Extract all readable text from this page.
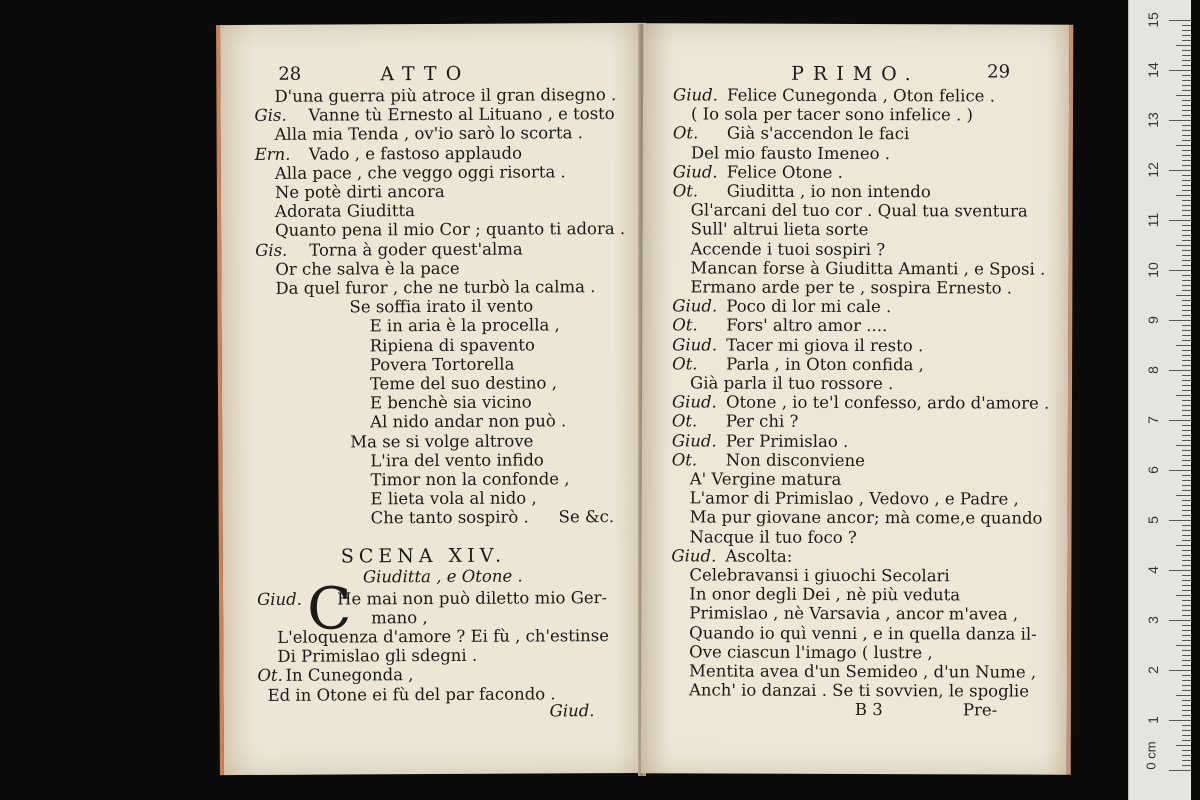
28	ATTO
D'una guerra più atroce il gran disegno .
Gis. Vanne tù Ernesto al Lituano , e tosto
Alla mia Tenda , ov'io sarò lo scorta .
Ern. Vado , e fastoso applaudo
Alla pace , che veggo oggi risorta .
Ne potè dirti ancora
Adorata Giuditta
Quanto pena il mio Cor ; quanto ti adora .
Gis. Torna à goder quest'alma
Or che salva è la pace
Da quel furor , che ne turbò la calma .
Se soffia irato il vento
E in aria è la procella ,
Ripiena di spavento
Povera Tortorella
Teme del suo destino ,
E benchè sia vicino
Al nido andar non può .
Ma se si volge altrove
L'ira del vento infido
Timor non la confonde ,
E lieta vola al nido ,
Che tanto sospirò . Se &c.
SCENA XIV.
Giuditta , e Otone .
C
Giud. He mai non può diletto mio Ger-
mano ,
L'eloquenza d'amore ? Ei fù , ch'estinse
Di Primislao gli sdegni .
Ot. In Cunegonda ,
Ed in Otone ei fù del par facondo .
Giud.
PRIMO.	29
Giud. Felice Cunegonda , Oton felice .
( Io sola per tacer sono infelice . )
Ot. Già s'accendon le faci
Del mio fausto Imeneo .
Giud. Felice Otone .
Ot. Giuditta , io non intendo
Gl'arcani del tuo cor . Qual tua sventura
Sull' altrui lieta sorte
Accende i tuoi sospiri ?
Mancan forse à Giuditta Amanti , e Sposi .
Ermano arde per te , sospira Ernesto .
Giud. Poco di lor mi cale .
Ot. Fors' altro amor ....
Giud. Tacer mi giova il resto .
Ot. Parla , in Oton confida ,
Già parla il tuo rossore .
Giud. Otone , io te'l confesso, ardo d'amore .
Ot. Per chi ?
Giud. Per Primislao .
Ot. Non disconviene
A' Vergine matura
L'amor di Primislao , Vedovo , e Padre ,
Ma pur giovane ancor; mà come,e quando
Nacque il tuo foco ?
Giud. Ascolta:
Celebravansi i giuochi Secolari
In onor degli Dei , nè più veduta
Primislao , nè Varsavia , ancor m'avea ,
Quando io quì venni , e in quella danza il-
Ove ciascun l'imago ( lustre ,
Mentita avea d'un Semideo , d'un Nume ,
Anch' io danzai . Se ti sovvien, le spoglie
B 3	Pre-
0 cm
1
2
3
4
5
6
7
8
9
10
11
12
13
14
15
